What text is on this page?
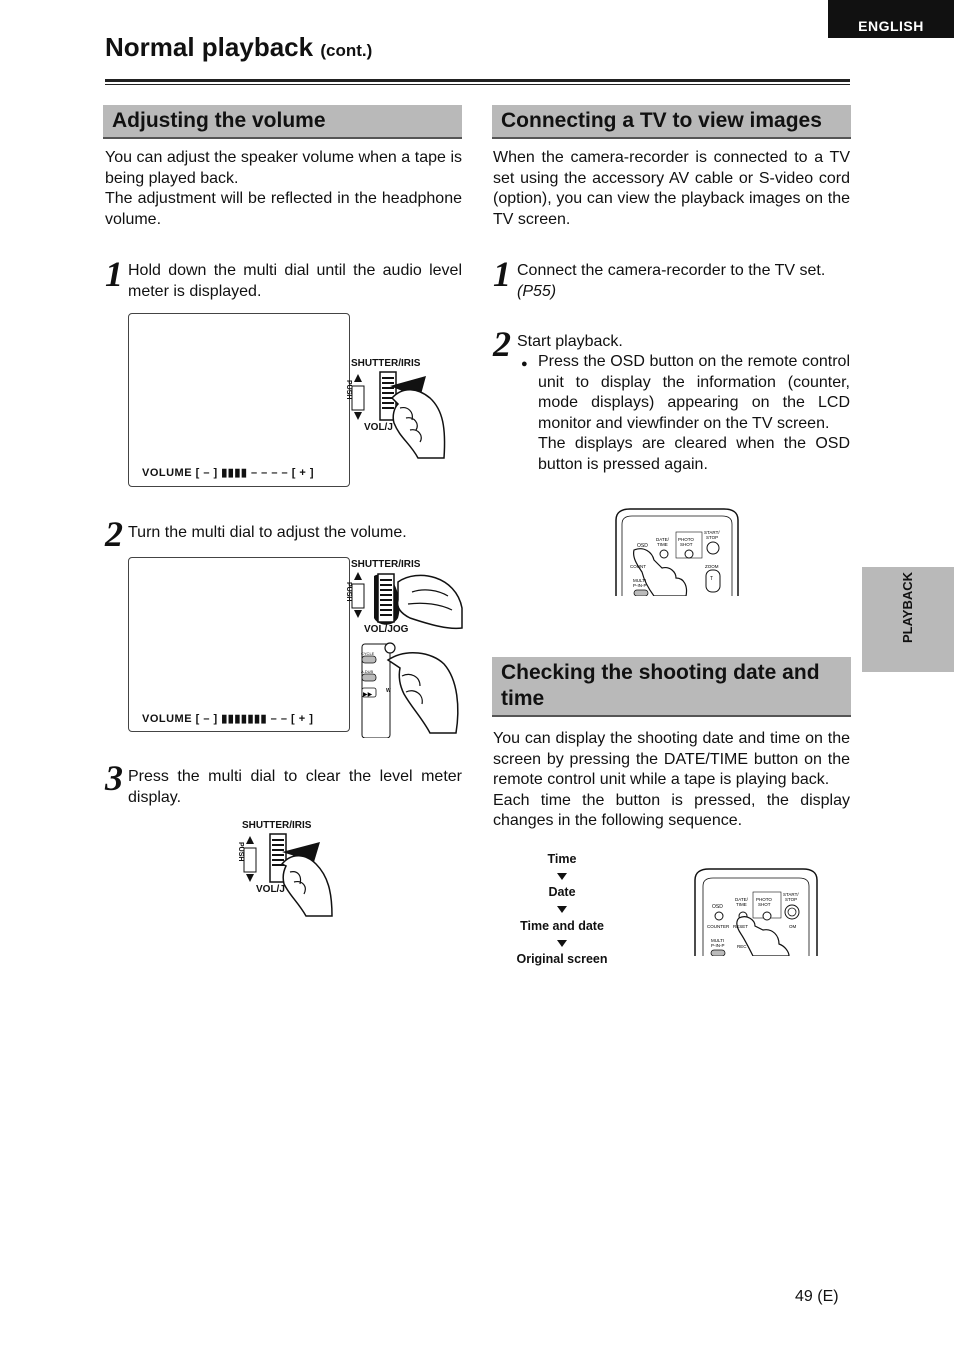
ENGLISH
Normal playback (cont.)
PLAYBACK
Adjusting the volume
You can adjust the speaker volume when a tape is being played back.
The adjustment will be reflected in the headphone volume.
1 Hold down the multi dial until the audio level meter is displayed.
VOLUME [ – ] ▮▮▮▮ – – – – [ + ]
SHUTTER/IRIS
PUSH
VOL/J
2 Turn the multi dial to adjust the volume.
VOLUME [ – ] ▮▮▮▮▮▮▮ – – [ + ]
SHUTTER/IRIS
▶▶
PUSH
VOL/JOG
CYCLE
A.DUB
W
3 Press the multi dial to clear the level meter display.
SHUTTER/IRIS
PUSH
VOL/J
Connecting a TV to view images
When the camera-recorder is connected to a TV set using the accessory AV cable or S-video cord (option), you can view the playback images on the TV screen.
1 Connect the camera-recorder to the TV set.
(P55)
2 Start playback.
● Press the OSD button on the remote control unit to display the information (counter, mode displays) appearing on the LCD monitor and viewfinder on the TV screen.
The displays are cleared when the OSD button is pressed again.
OSD
DATE/
TIME
PHOTO
SHOT
START/
STOP
COUNT	ZOOM
T
MULTI
P-IN-P
Checking the shooting date and time
You can display the shooting date and time on the screen by pressing the DATE/TIME button on the remote control unit while a tape is playing back.
Each time the button is pressed, the display changes in the following sequence.
Time
Date
Time and date
Original screen
OSD
DATE/
TIME
PHOTO
SHOT
START/
STOP
COUNTER RESET	OM
MULTI
P-IN-P	REC
49 (E)
